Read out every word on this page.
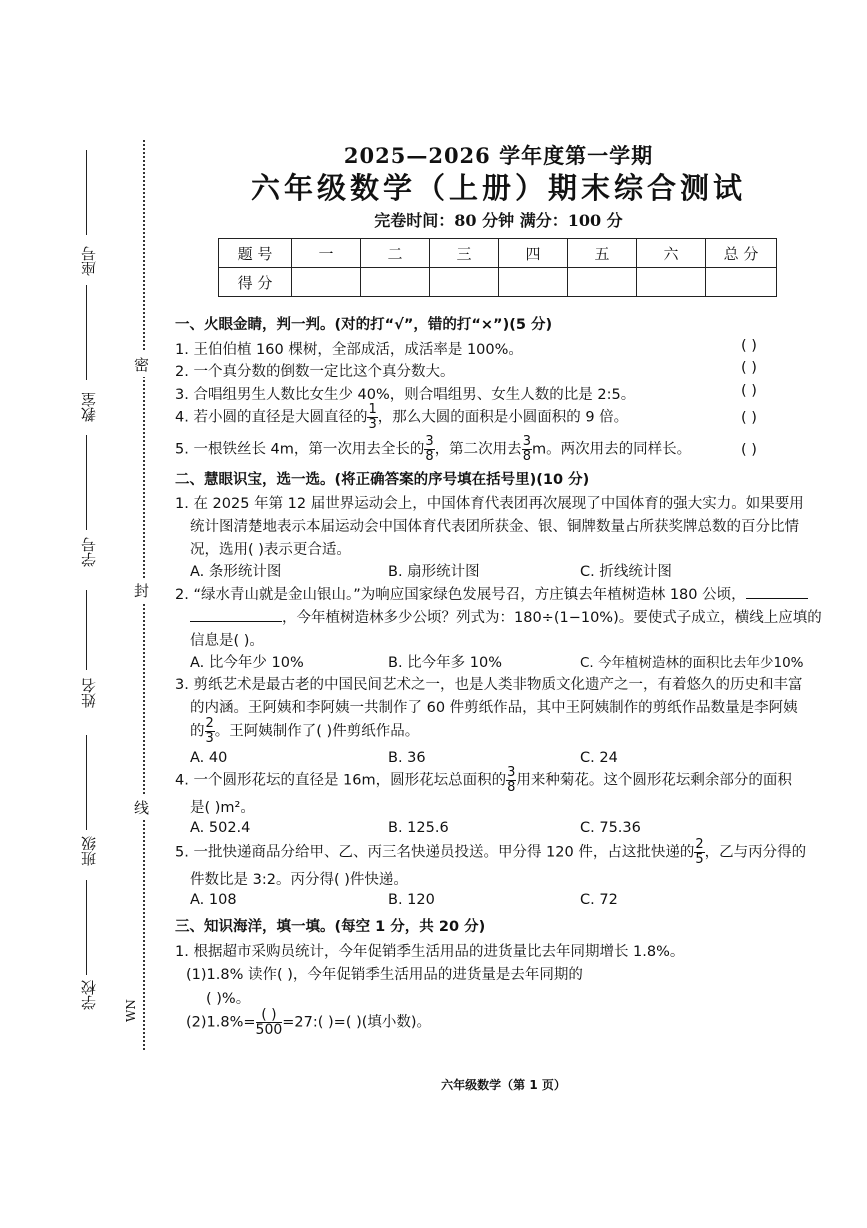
座号
教室
学号
姓名
班级
学校
密
封
线
WN
2025—2026 学年度第一学期
六年级数学（上册）期末综合测试
完卷时间：80 分钟 满分：100 分
题 号	一	二	三	四	五	六	总 分
得 分							
一、火眼金睛，判一判。(对的打“√”，错的打“×”)(5 分)
1. 王伯伯植 160 棵树，全部成活，成活率是 100%。	( )
2. 一个真分数的倒数一定比这个真分数大。	( )
3. 合唱组男生人数比女生少 40%，则合唱组男、女生人数的比是 2:5。	( )
4. 若小圆的直径是大圆直径的 $\frac{1}{3}$ ，那么大圆的面积是小圆面积的 9 倍。	( )
5. 一根铁丝长 4m，第一次用去全长的 $\frac{3}{8}$ ，第二次用去 $\frac{3}{8}$ m。两次用去的同样长。	( )
二、慧眼识宝，选一选。(将正确答案的序号填在括号里)(10 分)
1. 在 2025 年第 12 届世界运动会上，中国体育代表团再次展现了中国体育的强大实力。如果要用
统计图清楚地表示本届运动会中国体育代表团所获金、银、铜牌数量占所获奖牌总数的百分比情
况，选用( )表示更合适。
A. 条形统计图	B. 扇形统计图	C. 折线统计图
2. “绿水青山就是金山银山。”为响应国家绿色发展号召，方庄镇去年植树造林 180 公顷，
，今年植树造林多少公顷？列式为：180÷(1−10%)。要使式子成立，横线上应填的
信息是( )。
A. 比今年少 10%	B. 比今年多 10%	C. 今年植树造林的面积比去年少10%
3. 剪纸艺术是最古老的中国民间艺术之一，也是人类非物质文化遗产之一，有着悠久的历史和丰富
的内涵。王阿姨和李阿姨一共制作了 60 件剪纸作品，其中王阿姨制作的剪纸作品数量是李阿姨
的 $\frac{2}{3}$ 。王阿姨制作了( )件剪纸作品。
A. 40	B. 36	C. 24
4. 一个圆形花坛的直径是 16m，圆形花坛总面积的 $\frac{3}{8}$ 用来种菊花。这个圆形花坛剩余部分的面积
是( )m²。
A. 502.4	B. 125.6	C. 75.36
5. 一批快递商品分给甲、乙、丙三名快递员投送。甲分得 120 件，占这批快递的 $\frac{2}{5}$ ，乙与丙分得的
件数比是 3:2。丙分得( )件快递。
A. 108	B. 120	C. 72
三、知识海洋，填一填。(每空 1 分，共 20 分)
1. 根据超市采购员统计，今年促销季生活用品的进货量比去年同期增长 1.8%。
(1)1.8% 读作( )，今年促销季生活用品的进货量是去年同期的
( )%。
$(2)1.8\%= \frac{( )}{500}$ =27:( )=( )(填小数)。
六年级数学（第 1 页）
